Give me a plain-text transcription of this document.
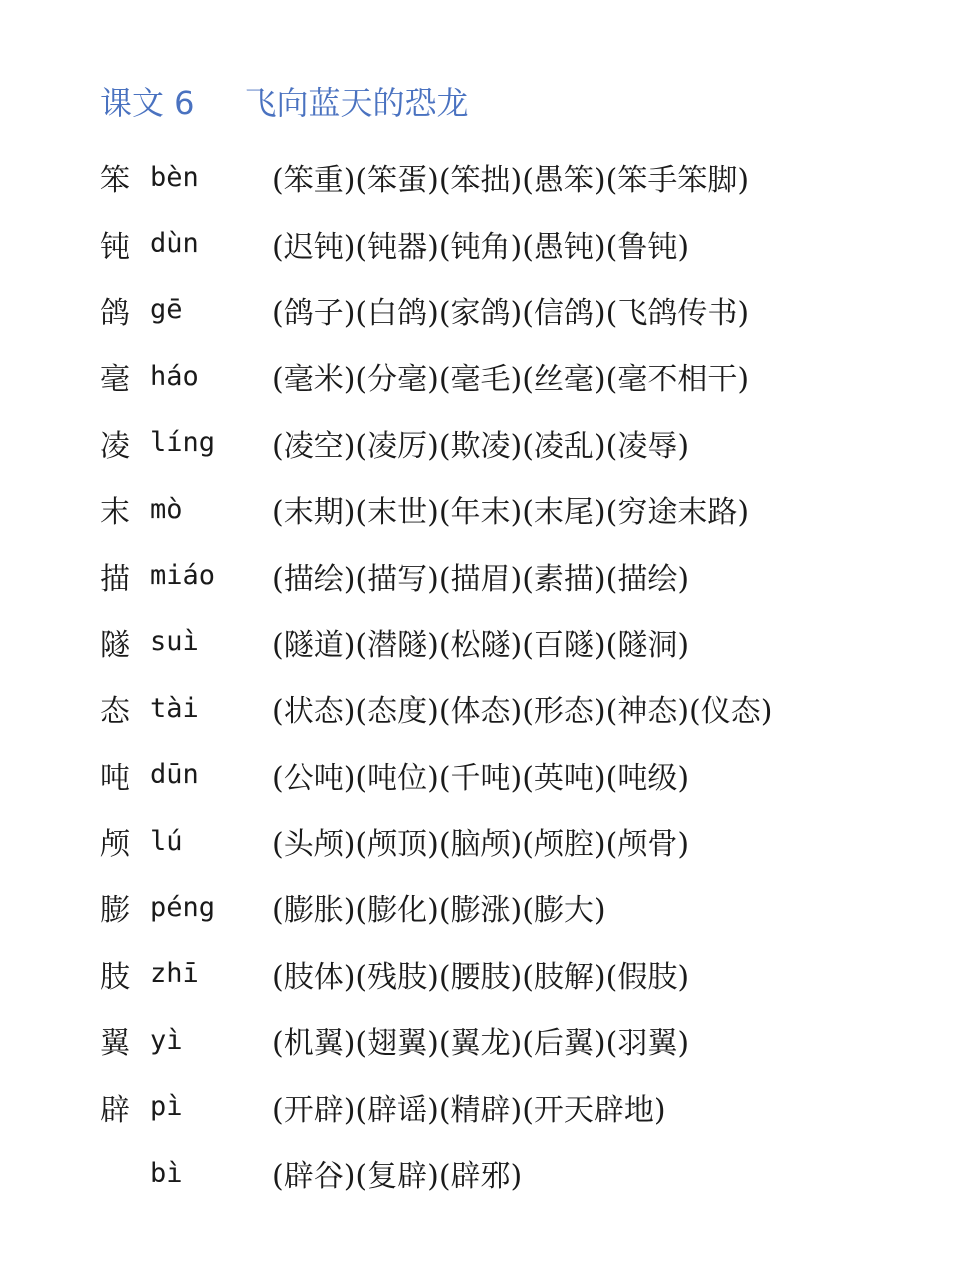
课文 6 飞向蓝天的恐龙
笨 bèn	(笨重)(笨蛋)(笨拙)(愚笨)(笨手笨脚)
钝 dùn	(迟钝)(钝器)(钝角)(愚钝)(鲁钝)
鸽 gē	(鸽子)(白鸽)(家鸽)(信鸽)(飞鸽传书)
毫 háo	(毫米)(分毫)(毫毛)(丝毫)(毫不相干)
凌 líng	(凌空)(凌厉)(欺凌)(凌乱)(凌辱)
末 mò	(末期)(末世)(年末)(末尾)(穷途末路)
描 miáo	(描绘)(描写)(描眉)(素描)(描绘)
隧 suì	(隧道)(潜隧)(松隧)(百隧)(隧洞)
态 tài	(状态)(态度)(体态)(形态)(神态)(仪态)
吨 dūn	(公吨)(吨位)(千吨)(英吨)(吨级)
颅 lú	(头颅)(颅顶)(脑颅)(颅腔)(颅骨)
膨 péng	(膨胀)(膨化)(膨涨)(膨大)
肢 zhī	(肢体)(残肢)(腰肢)(肢解)(假肢)
翼 yì	(机翼)(翅翼)(翼龙)(后翼)(羽翼)
辟 pì	(开辟)(辟谣)(精辟)(开天辟地)
bì	(辟谷)(复辟)(辟邪)
